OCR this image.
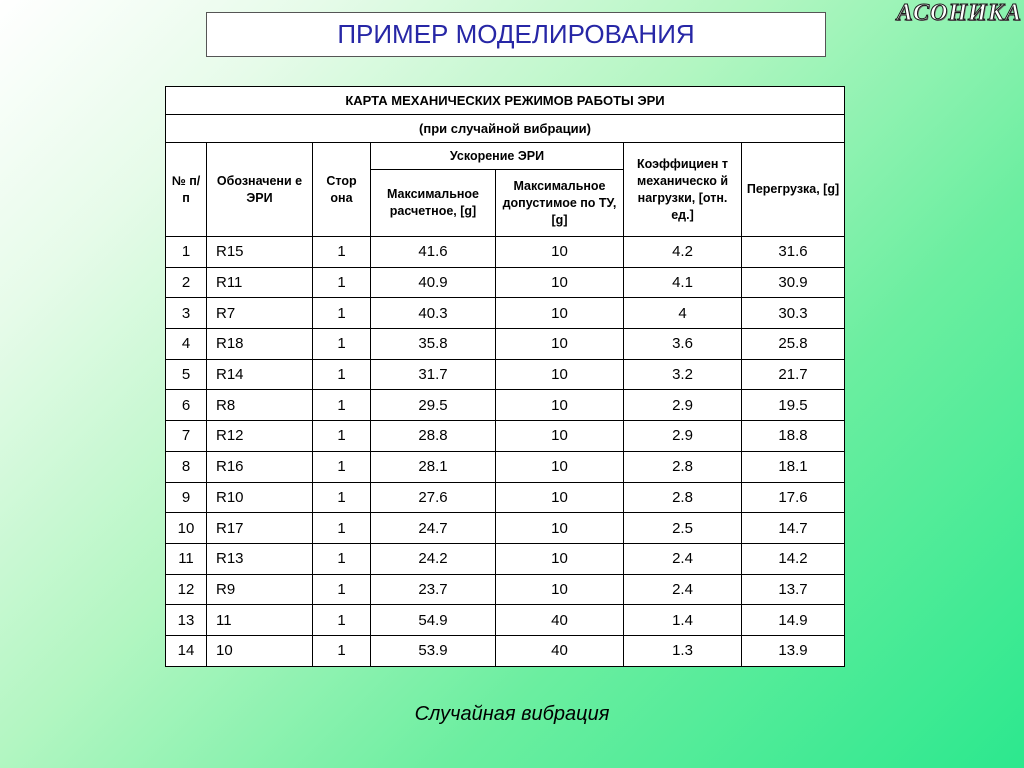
АСОНИКА
ПРИМЕР МОДЕЛИРОВАНИЯ
КАРТА МЕХАНИЧЕСКИХ РЕЖИМОВ РАБОТЫ ЭРИ						
(при случайной вибрации)						
№ п/ п	Обозначени е ЭРИ	Стор она	Ускорение ЭРИ		Коэффициен т механическо й нагрузки, [отн. ед.]	Перегрузка, [g]
			Максимальное расчетное, [g]	Максимальное допустимое по ТУ, [g]		
1	R15	1	41.6	10	4.2	31.6
2	R11	1	40.9	10	4.1	30.9
3	R7	1	40.3	10	4	30.3
4	R18	1	35.8	10	3.6	25.8
5	R14	1	31.7	10	3.2	21.7
6	R8	1	29.5	10	2.9	19.5
7	R12	1	28.8	10	2.9	18.8
8	R16	1	28.1	10	2.8	18.1
9	R10	1	27.6	10	2.8	17.6
10	R17	1	24.7	10	2.5	14.7
11	R13	1	24.2	10	2.4	14.2
12	R9	1	23.7	10	2.4	13.7
13	11	1	54.9	40	1.4	14.9
14	10	1	53.9	40	1.3	13.9
Случайная вибрация
